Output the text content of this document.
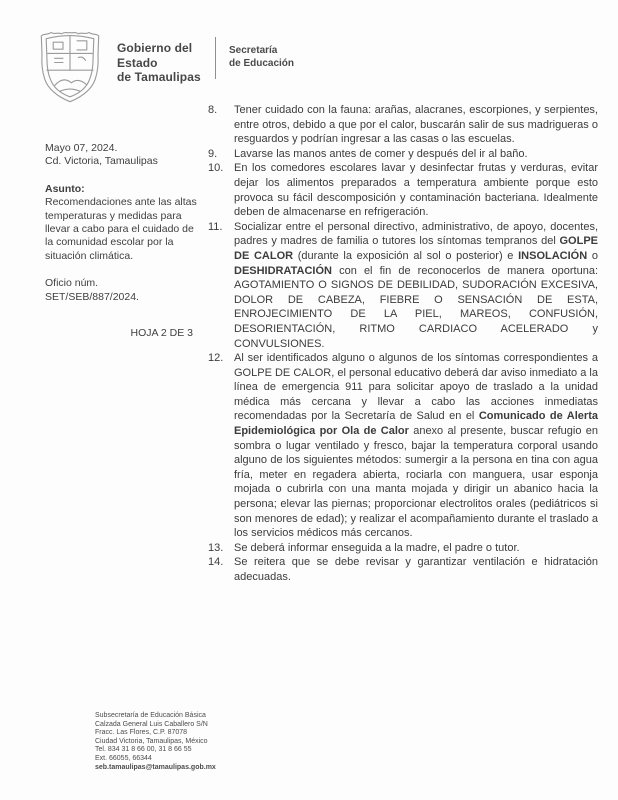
Gobierno del Estado
de Tamaulipas
Secretaría
de Educación
Mayo 07, 2024.
Cd. Victoria, Tamaulipas
Asunto:
Recomendaciones ante las altas temperaturas y medidas para llevar a cabo para el cuidado de la comunidad escolar por la situación climática.
Oficio núm.
SET/SEB/887/2024.
HOJA 2 DE 3
8.	Tener cuidado con la fauna: arañas, alacranes, escorpiones, y serpientes, entre otros, debido a que por el calor, buscarán salir de sus madrigueras o resguardos y podrían ingresar a las casas o las escuelas.
9.	Lavarse las manos antes de comer y después del ir al baño.
10. En los comedores escolares lavar y desinfectar frutas y verduras, evitar dejar los alimentos preparados a temperatura ambiente porque esto provoca su fácil descomposición y contaminación bacteriana. Idealmente deben de almacenarse en refrigeración.
11.	Socializar entre el personal directivo, administrativo, de apoyo, docentes, padres y madres de familia o tutores los síntomas tempranos del GOLPE DE CALOR (durante la exposición al sol o posterior) e INSOLACIÓN o DESHIDRATACIÓN con el fin de reconocerlos de manera oportuna: AGOTAMIENTO O SIGNOS DE DEBILIDAD, SUDORACIÓN EXCESIVA, DOLOR DE CABEZA, FIEBRE O SENSACIÓN DE ESTA, ENROJECIMIENTO DE LA PIEL, MAREOS, CONFUSIÓN, DESORIENTACIÓN, RITMO CARDIACO ACELERADO y CONVULSIONES.
12. Al ser identificados alguno o algunos de los síntomas correspondientes a GOLPE DE CALOR, el personal educativo deberá dar aviso inmediato a la línea de emergencia 911 para solicitar apoyo de traslado a la unidad médica más cercana y llevar a cabo las acciones inmediatas recomendadas por la Secretaría de Salud en el Comunicado de Alerta Epidemiológica por Ola de Calor anexo al presente, buscar refugio en sombra o lugar ventilado y fresco, bajar la temperatura corporal usando alguno de los siguientes métodos: sumergir a la persona en tina con agua fría, meter en regadera abierta, rociarla con manguera, usar esponja mojada o cubrirla con una manta mojada y dirigir un abanico hacia la persona; elevar las piernas; proporcionar electrolitos orales (pediátricos si son menores de edad); y realizar el acompañamiento durante el traslado a los servicios médicos más cercanos.
13. Se deberá informar enseguida a la madre, el padre o tutor.
14. Se reitera que se debe revisar y garantizar ventilación e hidratación adecuadas.
Subsecretaría de Educación Básica
Calzada General Luis Caballero S/N
Fracc. Las Flores, C.P. 87078
Ciudad Victoria, Tamaulipas, México
Tel. 834 31 8 66 00, 31 8 66 55
Ext. 66055, 66344
seb.tamaulipas@tamaulipas.gob.mx
